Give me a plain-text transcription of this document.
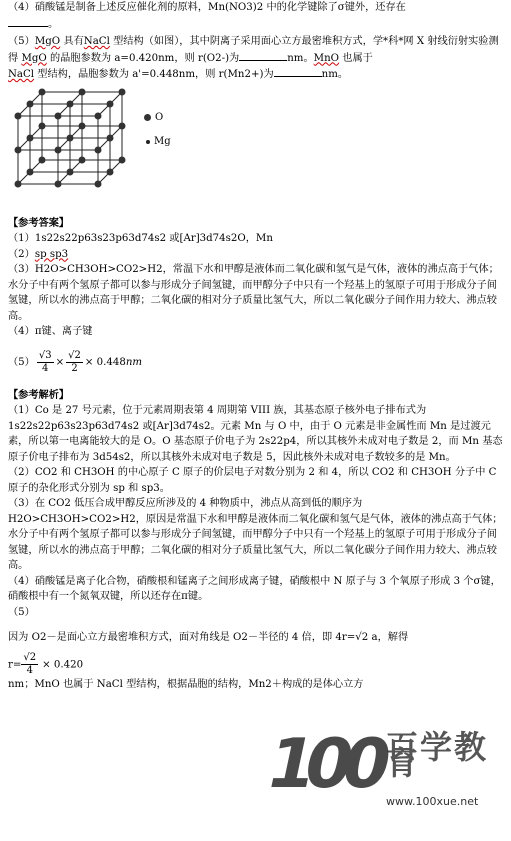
（4）硝酸锰是制备上述反应催化剂的原料，Mn(NO3)2 中的化学键除了σ键外，还存在
。

（5）MgO 具有NaCl 型结构（如图），其中阴离子采用面心立方最密堆积方式，学*科*网 X 射线衍射实验测得 MgO 的晶胞参数为 a=0.420nm，则 r(O2-)为	nm。MnO 也属于
NaCl 型结构，晶胞参数为 a'=0.448nm，则 r(Mn2+)为	nm。

O
Mg

【参考答案】

（1）1s22s22p63s23p63d74s2 或[Ar]3d74s2O，Mn

（2）sp sp3

（3）H2O>CH3OH>CO2>H2，常温下水和甲醇是液体而二氧化碳和氢气是气体，液体的沸点高于气体；水分子中有两个氢原子都可以参与形成分子间氢键，而甲醇分子中只有一个羟基上的氢原子可用于形成分子间氢键，所以水的沸点高于甲醇；二氧化碳的相对分子质量比氢气大，所以二氧化碳分子间作用力较大、沸点较高。

（4）π键、离子键

$(5) \frac{√3}{4} \times \frac{√2}{2} \times 0.448$ nm

【参考解析】

（1）Co 是 27 号元素，位于元素周期表第 4 周期第 VIII 族，其基态原子核外电子排布式为 1s22s22p63s23p63d74s2 或[Ar]3d74s2。元素 Mn 与 O 中，由于 O 元素是非金属性而 Mn 是过渡元素，所以第一电离能较大的是 O。O 基态原子价电子为 2s22p4，所以其核外未成对电子数是 2，而 Mn 基态原子价电子排布为 3d54s2，所以其核外未成对电子数是 5，因此核外未成对电子数较多的是 Mn。

（2）CO2 和 CH3OH 的中心原子 C 原子的价层电子对数分别为 2 和 4，所以 CO2 和 CH3OH 分子中 C 原子的杂化形式分别为 sp 和 sp3。

（3）在 CO2 低压合成甲醇反应所涉及的 4 种物质中，沸点从高到低的顺序为 H2O>CH3OH>CO2>H2，原因是常温下水和甲醇是液体而二氧化碳和氢气是气体，液体的沸点高于气体；水分子中有两个氢原子都可以参与形成分子间氢键，而甲醇分子中只有一个羟基上的氢原子可用于形成分子间氢键，所以水的沸点高于甲醇；二氧化碳的相对分子质量比氢气大，所以二氧化碳分子间作用力较大、沸点较高。

（4）硝酸锰是离子化合物，硝酸根和锰离子之间形成离子键，硝酸根中 N 原子与 3 个氧原子形成 3 个σ键，硝酸根中有一个氮氧双键，所以还存在π键。

（5）

因为 O2－是面心立方最密堆积方式，面对角线是 O2－半径的 4 倍，即 4r=√2 a，解得

$r= \frac{√2}{4} \times 0.420$
nm；MnO 也属于 NaCl 型结构，根据晶胞的结构，Mn2＋构成的是体心立方

100
百学教育
www.100xue.net
